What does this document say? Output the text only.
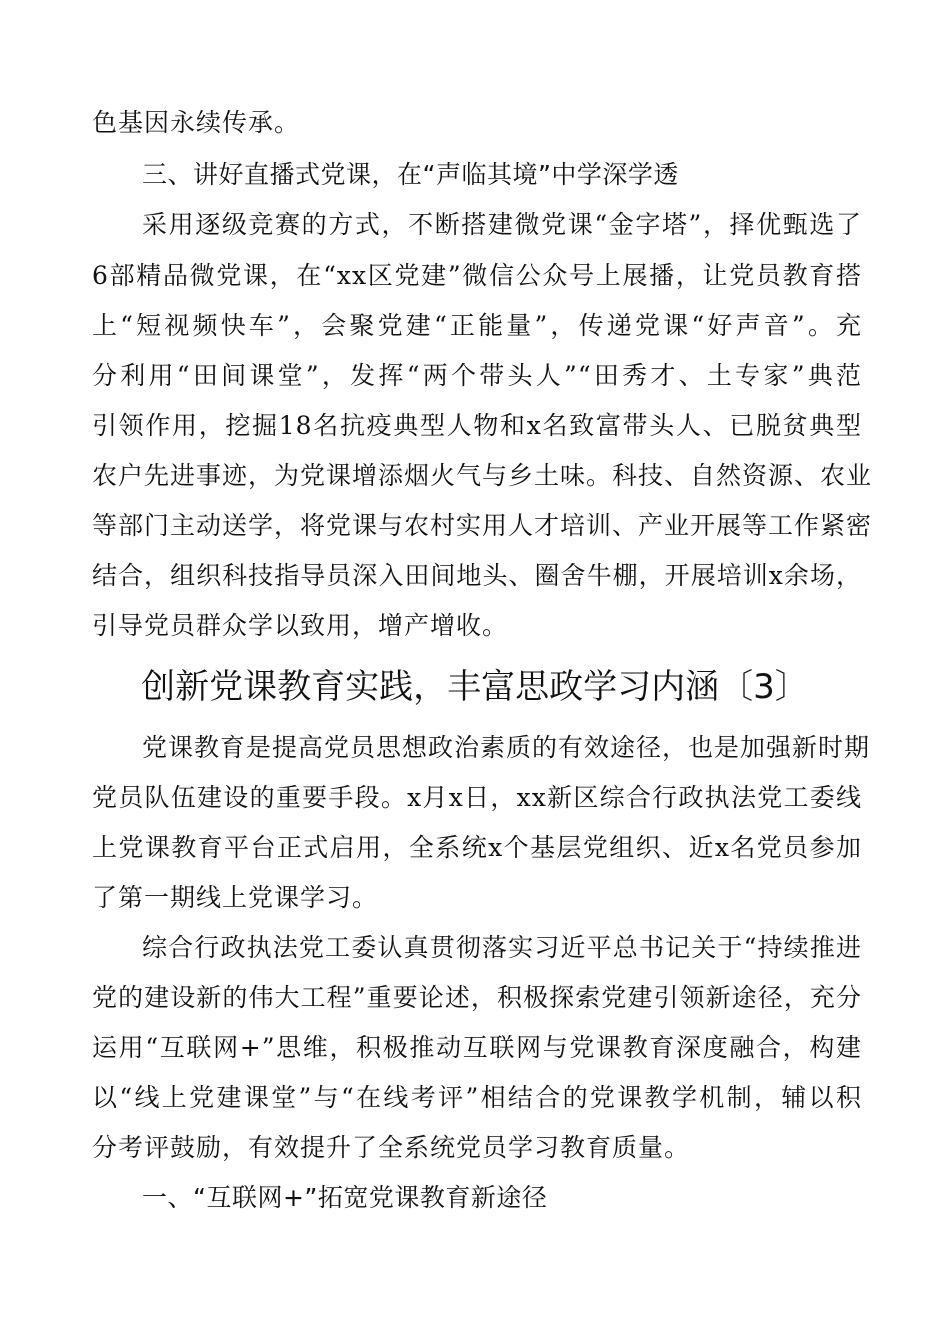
色基因永续传承。
三、讲好直播式党课，在“声临其境”中学深学透
采用逐级竞赛的方式，不断搭建微党课“金字塔”，择优甄选了
6部精品微党课，在“xx区党建”微信公众号上展播，让党员教育搭
上“短视频快车”，会聚党建“正能量”，传递党课“好声音”。充
分利用“田间课堂”，发挥“两个带头人”“田秀才、土专家”典范
引领作用，挖掘18名抗疫典型人物和x名致富带头人、已脱贫典型
农户先进事迹，为党课增添烟火气与乡土味。科技、自然资源、农业
等部门主动送学，将党课与农村实用人才培训、产业开展等工作紧密
结合，组织科技指导员深入田间地头、圈舍牛棚，开展培训x余场，
引导党员群众学以致用，增产增收。
创新党课教育实践，丰富思政学习内涵〔3〕
党课教育是提高党员思想政治素质的有效途径，也是加强新时期
党员队伍建设的重要手段。x月x日，xx新区综合行政执法党工委线
上党课教育平台正式启用，全系统x个基层党组织、近x名党员参加
了第一期线上党课学习。
综合行政执法党工委认真贯彻落实习近平总书记关于“持续推进
党的建设新的伟大工程”重要论述，积极探索党建引领新途径，充分
运用“互联网+”思维，积极推动互联网与党课教育深度融合，构建
以“线上党建课堂”与“在线考评”相结合的党课教学机制，辅以积
分考评鼓励，有效提升了全系统党员学习教育质量。
一、“互联网+”拓宽党课教育新途径
